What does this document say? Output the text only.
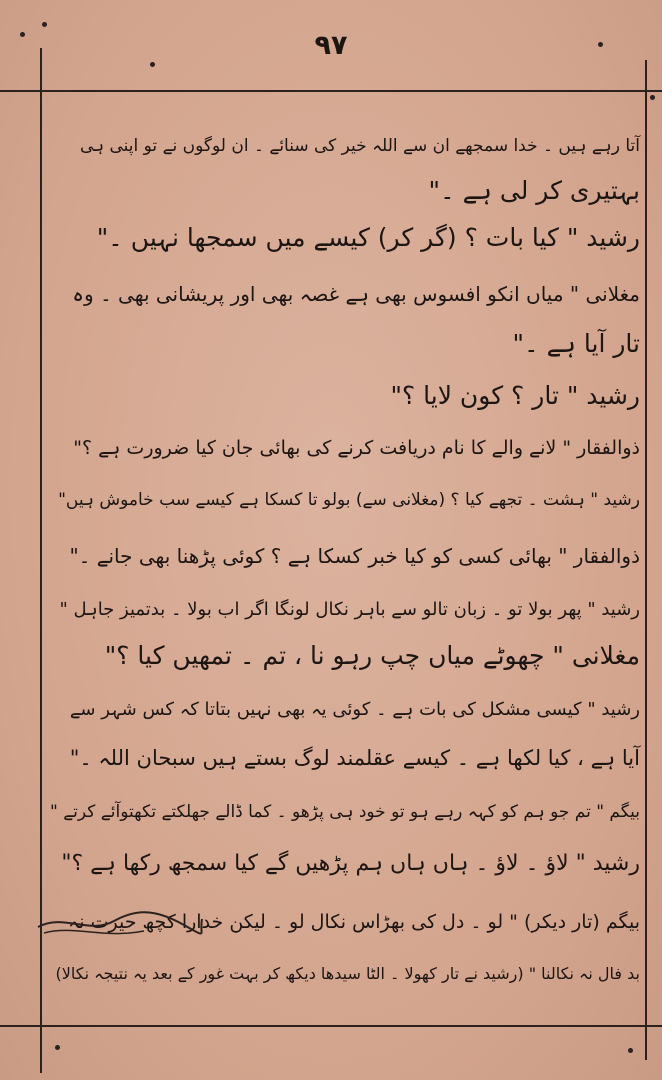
۹۷
آتا رہے ہیں ۔ خدا سمجھے ان سے اللہ خیر کی سنائے ۔ ان لوگوں نے تو اپنی ہی
بہتیری کر لی ہے ۔"
رشید " کیا بات ؟ (گر کر) کیسے میں سمجھا نہیں ۔"
مغلانی " میاں انکو افسوس بھی ہے غصہ بھی اور پریشانی بھی ۔ وہ
تار آیا ہے ۔"
رشید " تار ؟ کون لایا ؟"
ذوالفقار " لانے والے کا نام دریافت کرنے کی بھائی جان کیا ضرورت ہے ؟"
رشید " ہشت ۔ تجھے کیا ؟ (مغلانی سے) بولو تا کسکا ہے کیسے سب خاموش ہیں"
ذوالفقار " بھائی کسی کو کیا خبر کسکا ہے ؟ کوئی پڑھنا بھی جانے ۔"
رشید " پھر بولا تو ۔ زبان تالو سے باہر نکال لونگا اگر اب بولا ۔ بدتمیز جاہل "
مغلانی " چھوٹے میاں چپ رہو نا ، تم ۔ تمھیں کیا ؟"
رشید " کیسی مشکل کی بات ہے ۔ کوئی یہ بھی نہیں بتاتا کہ کس شہر سے
آیا ہے ، کیا لکھا ہے ۔ کیسے عقلمند لوگ بستے ہیں سبحان اللہ ۔"
بیگم " تم جو ہم کو کہہ رہے ہو تو خود ہی پڑھو ۔ کما ڈالے جھلکتے تکھتوآئے کرتے "
رشید " لاؤ ۔ لاؤ ۔ ہاں ہاں ہم پڑھیں گے کیا سمجھ رکھا ہے ؟"
بیگم (تار دیکر) " لو ۔ دل کی بھڑاس نکال لو ۔ لیکن خدارا کچھ حیرت نہ
بد فال نہ نکالنا " (رشید نے تار کھولا ۔ الٹا سیدھا دیکھ کر بہت غور کے بعد یہ نتیجہ نکالا)
